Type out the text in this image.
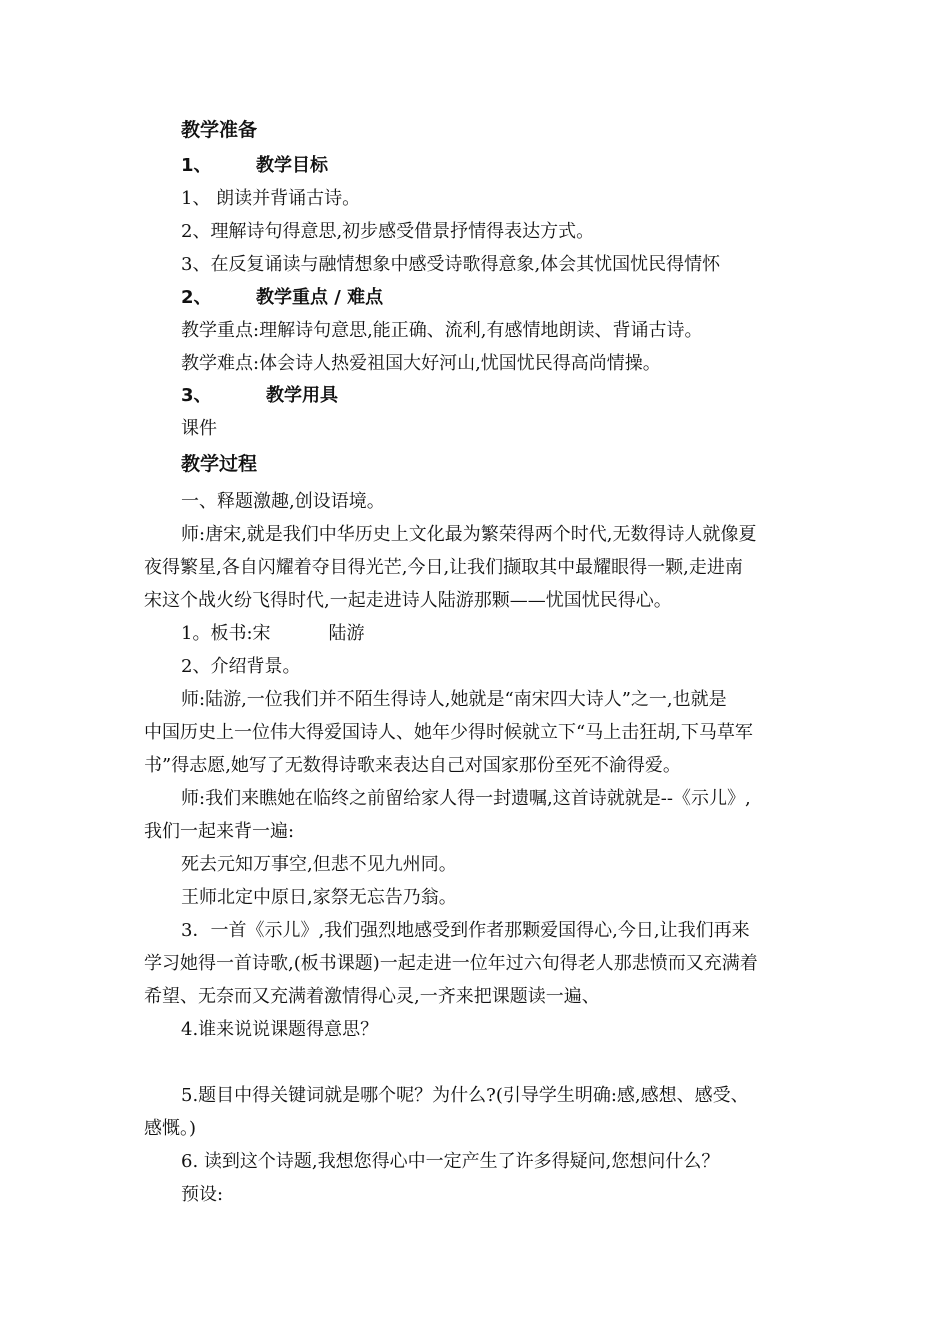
教学准备
1、 教学目标
1、 朗读并背诵古诗。
2、理解诗句得意思,初步感受借景抒情得表达方式。
3、在反复诵读与融情想象中感受诗歌得意象,体会其忧国忧民得情怀
2、 教学重点 / 难点
教学重点:理解诗句意思,能正确、流利,有感情地朗读、背诵古诗。
教学难点:体会诗人热爱祖国大好河山,忧国忧民得高尚情操。
3、	教学用具
课件
教学过程
一、释题激趣,创设语境。
师:唐宋,就是我们中华历史上文化最为繁荣得两个时代,无数得诗人就像夏
夜得繁星,各自闪耀着夺目得光芒,今日,让我们撷取其中最耀眼得一颗,走进南
宋这个战火纷飞得时代,一起走进诗人陆游那颗——忧国忧民得心。
1。板书:宋	陆游
2、介绍背景。
师:陆游,一位我们并不陌生得诗人,她就是“南宋四大诗人”之一,也就是
中国历史上一位伟大得爱国诗人、她年少得时候就立下“马上击狂胡,下马草军
书”得志愿,她写了无数得诗歌来表达自己对国家那份至死不渝得爱。
师:我们来瞧她在临终之前留给家人得一封遗嘱,这首诗就就是--《示儿》,
我们一起来背一遍:
死去元知万事空,但悲不见九州同。
王师北定中原日,家祭无忘告乃翁。
3．一首《示儿》,我们强烈地感受到作者那颗爱国得心,今日,让我们再来
学习她得一首诗歌,(板书课题)一起走进一位年过六旬得老人那悲愤而又充满着
希望、无奈而又充满着激情得心灵,一齐来把课题读一遍、
4.谁来说说课题得意思？
5.题目中得关键词就是哪个呢？为什么?(引导学生明确:感,感想、感受、
感慨。)
6. 读到这个诗题,我想您得心中一定产生了许多得疑问,您想问什么？
预设:
